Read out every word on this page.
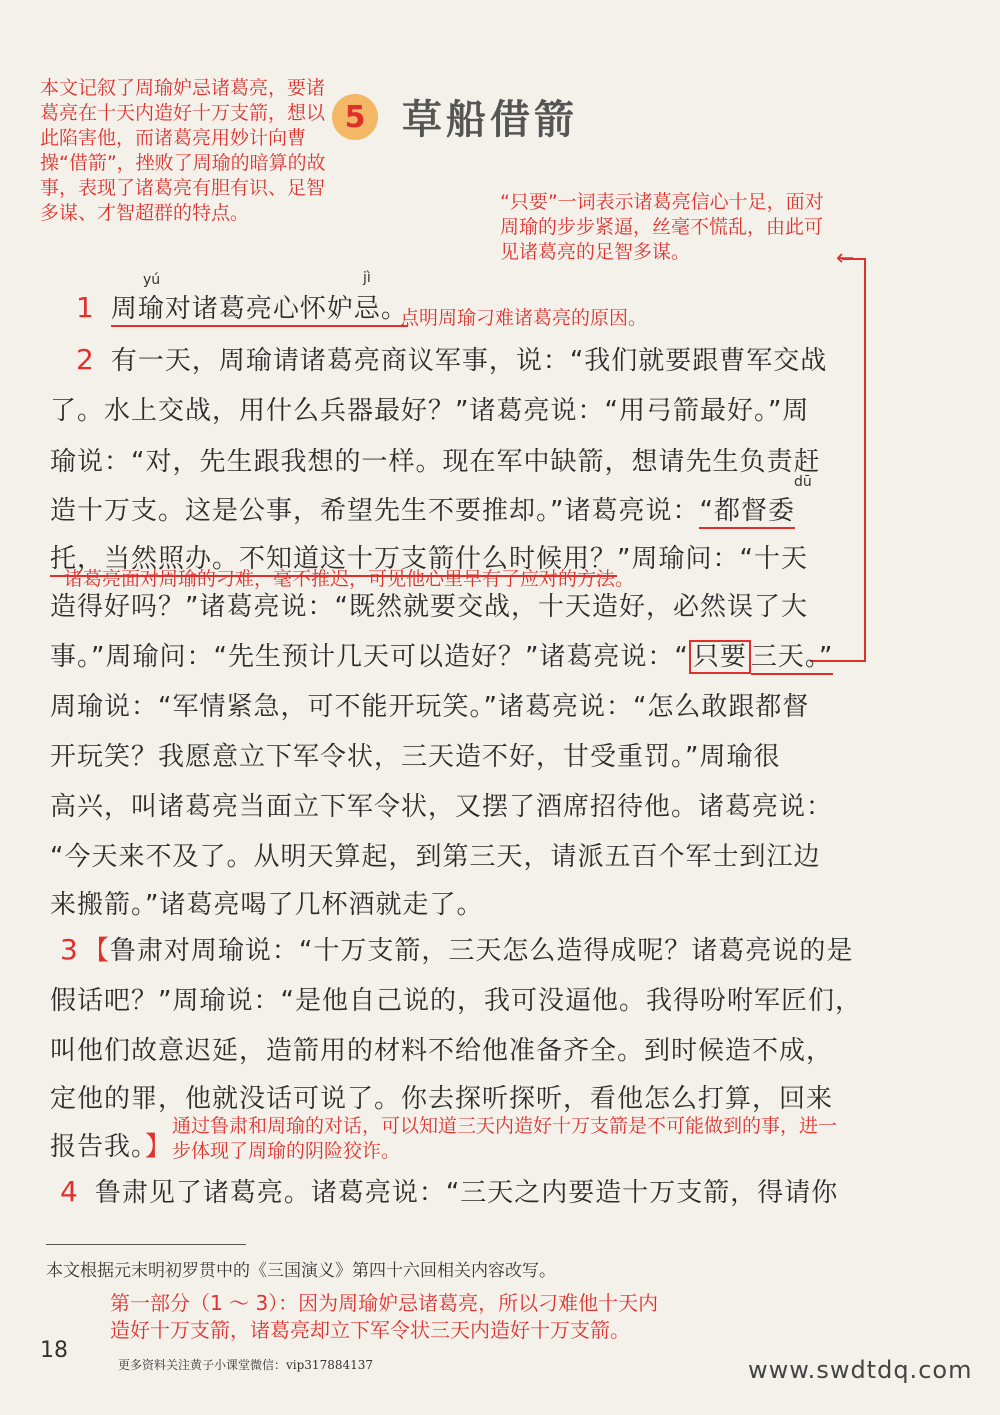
本文记叙了周瑜妒忌诸葛亮，要诸葛亮在十天内造好十万支箭，想以此陷害他，而诸葛亮用妙计向曹操“借箭”，挫败了周瑜的暗算的故事，表现了诸葛亮有胆有识、足智多谋、才智超群的特点。
5 草船借箭
“只要”一词表示诸葛亮信心十足，面对周瑜的步步紧逼，丝毫不慌乱，由此可见诸葛亮的足智多谋。	←
yú	jì
1 周瑜对诸葛亮心怀妒忌。
点明周瑜刁难诸葛亮的原因。
2 有一天，周瑜请诸葛亮商议军事，说：“我们就要跟曹军交战
了。水上交战，用什么兵器最好？”诸葛亮说：“用弓箭最好。”周
瑜说：“对，先生跟我想的一样。现在军中缺箭，想请先生负责赶
dū
造十万支。这是公事，希望先生不要推却。”诸葛亮说：“都督委
托，当然照办。不知道这十万支箭什么时候用？”周瑜问：“十天
诸葛亮面对周瑜的刁难，毫不推迟，可见他心里早有了应对的方法。
造得好吗？”诸葛亮说：“既然就要交战，十天造好，必然误了大
事。”周瑜问：“先生预计几天可以造好？”诸葛亮说：“ 只要 三天。”
周瑜说：“军情紧急，可不能开玩笑。”诸葛亮说：“怎么敢跟都督
开玩笑？我愿意立下军令状，三天造不好，甘受重罚。”周瑜很
高兴，叫诸葛亮当面立下军令状，又摆了酒席招待他。诸葛亮说：
“今天来不及了。从明天算起，到第三天，请派五百个军士到江边
来搬箭。”诸葛亮喝了几杯酒就走了。
3 【鲁肃对周瑜说：“十万支箭，三天怎么造得成呢？诸葛亮说的是
假话吧？”周瑜说：“是他自己说的，我可没逼他。我得吩咐军匠们，
叫他们故意迟延，造箭用的材料不给他准备齐全。到时候造不成，
定他的罪，他就没话可说了。你去探听探听，看他怎么打算，回来
报告我。】
通过鲁肃和周瑜的对话，可以知道三天内造好十万支箭是不可能做到的事，进一步体现了周瑜的阴险狡诈。
4 鲁肃见了诸葛亮。诸葛亮说：“三天之内要造十万支箭，得请你
本文根据元末明初罗贯中的《三国演义》第四十六回相关内容改写。
第一部分（1 ～ 3）：因为周瑜妒忌诸葛亮，所以刁难他十天内造好十万支箭，诸葛亮却立下军令状三天内造好十万支箭。
18
更多资料关注黄子小课堂微信：vip317884137	www.swdtdq.com
